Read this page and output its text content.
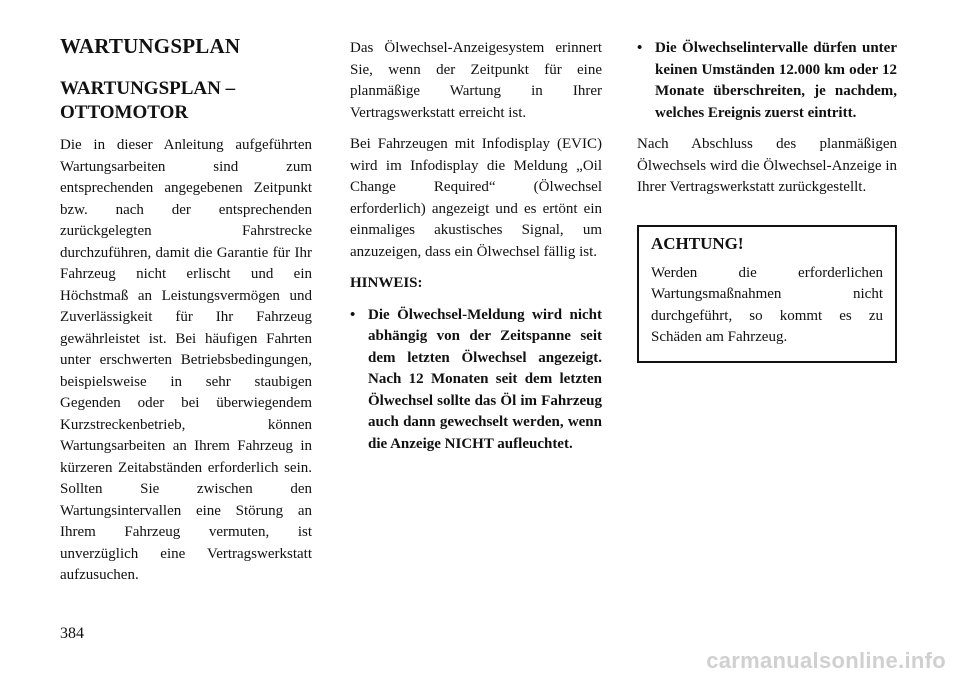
WARTUNGSPLAN
WARTUNGSPLAN – OTTOMOTOR

Die in dieser Anleitung aufgeführten Wartungsarbeiten sind zum entsprechenden angegebenen Zeitpunkt bzw. nach der entsprechenden zurückgelegten Fahrstrecke durchzuführen, damit die Garantie für Ihr Fahrzeug nicht erlischt und ein Höchstmaß an Leistungsvermögen und Zuverlässigkeit für Ihr Fahrzeug gewährleistet ist. Bei häufigen Fahrten unter erschwerten Betriebsbedingungen, beispielsweise in sehr staubigen Gegenden oder bei überwiegendem Kurzstreckenbetrieb, können Wartungsarbeiten an Ihrem Fahrzeug in kürzeren Zeitabständen erforderlich sein. Sollten Sie zwischen den Wartungsintervallen eine Störung an Ihrem Fahrzeug vermuten, ist unverzüglich eine Vertragswerkstatt aufzusuchen.

Das Ölwechsel-Anzeigesystem erinnert Sie, wenn der Zeitpunkt für eine planmäßige Wartung in Ihrer Vertragswerkstatt erreicht ist.

Bei Fahrzeugen mit Infodisplay (EVIC) wird im Infodisplay die Meldung „Oil Change Required“ (Ölwechsel erforderlich) angezeigt und es ertönt ein einmaliges akustisches Signal, um anzuzeigen, dass ein Ölwechsel fällig ist.

HINWEIS:
• Die Ölwechsel-Meldung wird nicht abhängig von der Zeitspanne seit dem letzten Ölwechsel angezeigt. Nach 12 Monaten seit dem letzten Ölwechsel sollte das Öl im Fahrzeug auch dann gewechselt werden, wenn die Anzeige NICHT aufleuchtet.
• Die Ölwechselintervalle dürfen unter keinen Umständen 12.000 km oder 12 Monate überschreiten, je nachdem, welches Ereignis zuerst eintritt.

Nach Abschluss des planmäßigen Ölwechsels wird die Ölwechsel-Anzeige in Ihrer Vertragswerkstatt zurückgestellt.

ACHTUNG!

Werden die erforderlichen Wartungsmaßnahmen nicht durchgeführt, so kommt es zu Schäden am Fahrzeug.

384
carmanualsonline.info
